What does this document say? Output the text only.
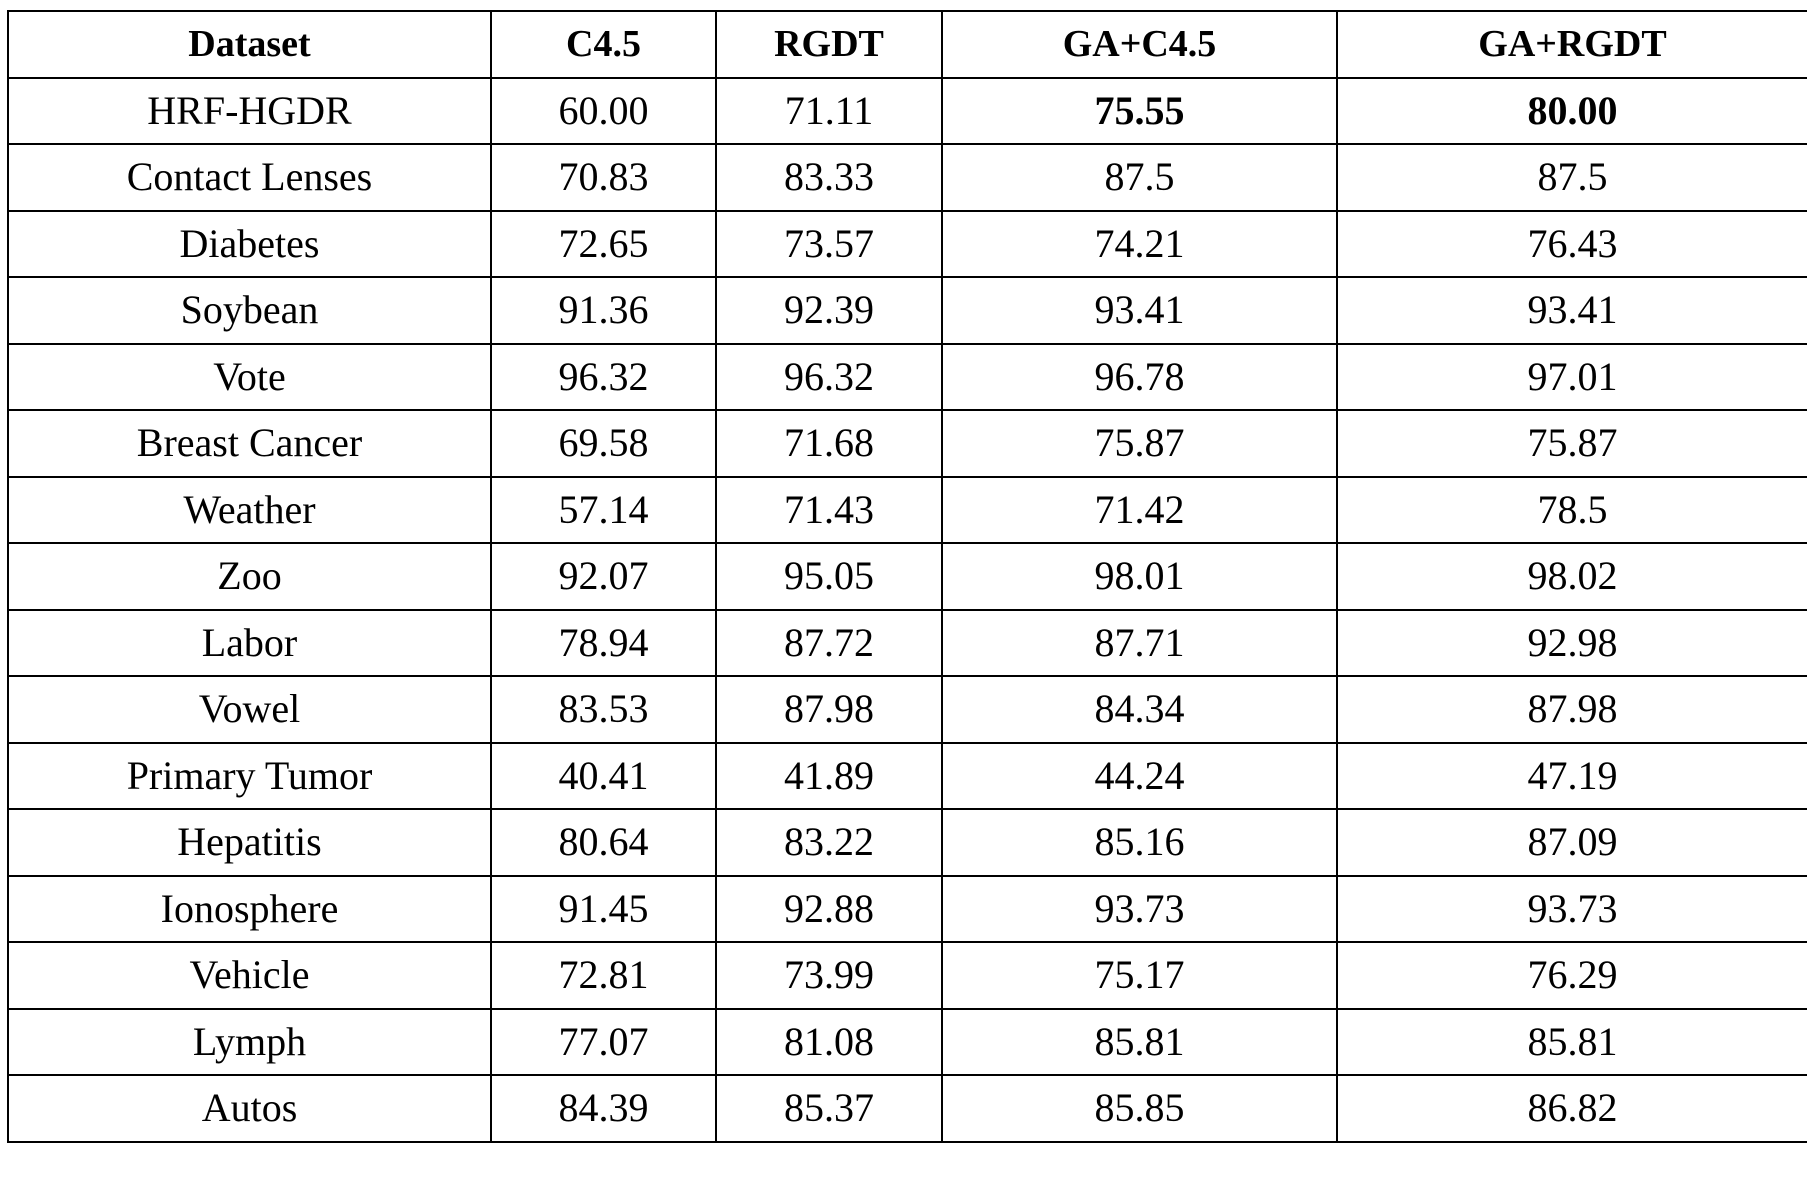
Dataset	C4.5	RGDT	GA+C4.5	GA+RGDT
HRF-HGDR	60.00	71.11	75.55	80.00
Contact Lenses	70.83	83.33	87.5	87.5
Diabetes	72.65	73.57	74.21	76.43
Soybean	91.36	92.39	93.41	93.41
Vote	96.32	96.32	96.78	97.01
Breast Cancer	69.58	71.68	75.87	75.87
Weather	57.14	71.43	71.42	78.5
Zoo	92.07	95.05	98.01	98.02
Labor	78.94	87.72	87.71	92.98
Vowel	83.53	87.98	84.34	87.98
Primary Tumor	40.41	41.89	44.24	47.19
Hepatitis	80.64	83.22	85.16	87.09
Ionosphere	91.45	92.88	93.73	93.73
Vehicle	72.81	73.99	75.17	76.29
Lymph	77.07	81.08	85.81	85.81
Autos	84.39	85.37	85.85	86.82
